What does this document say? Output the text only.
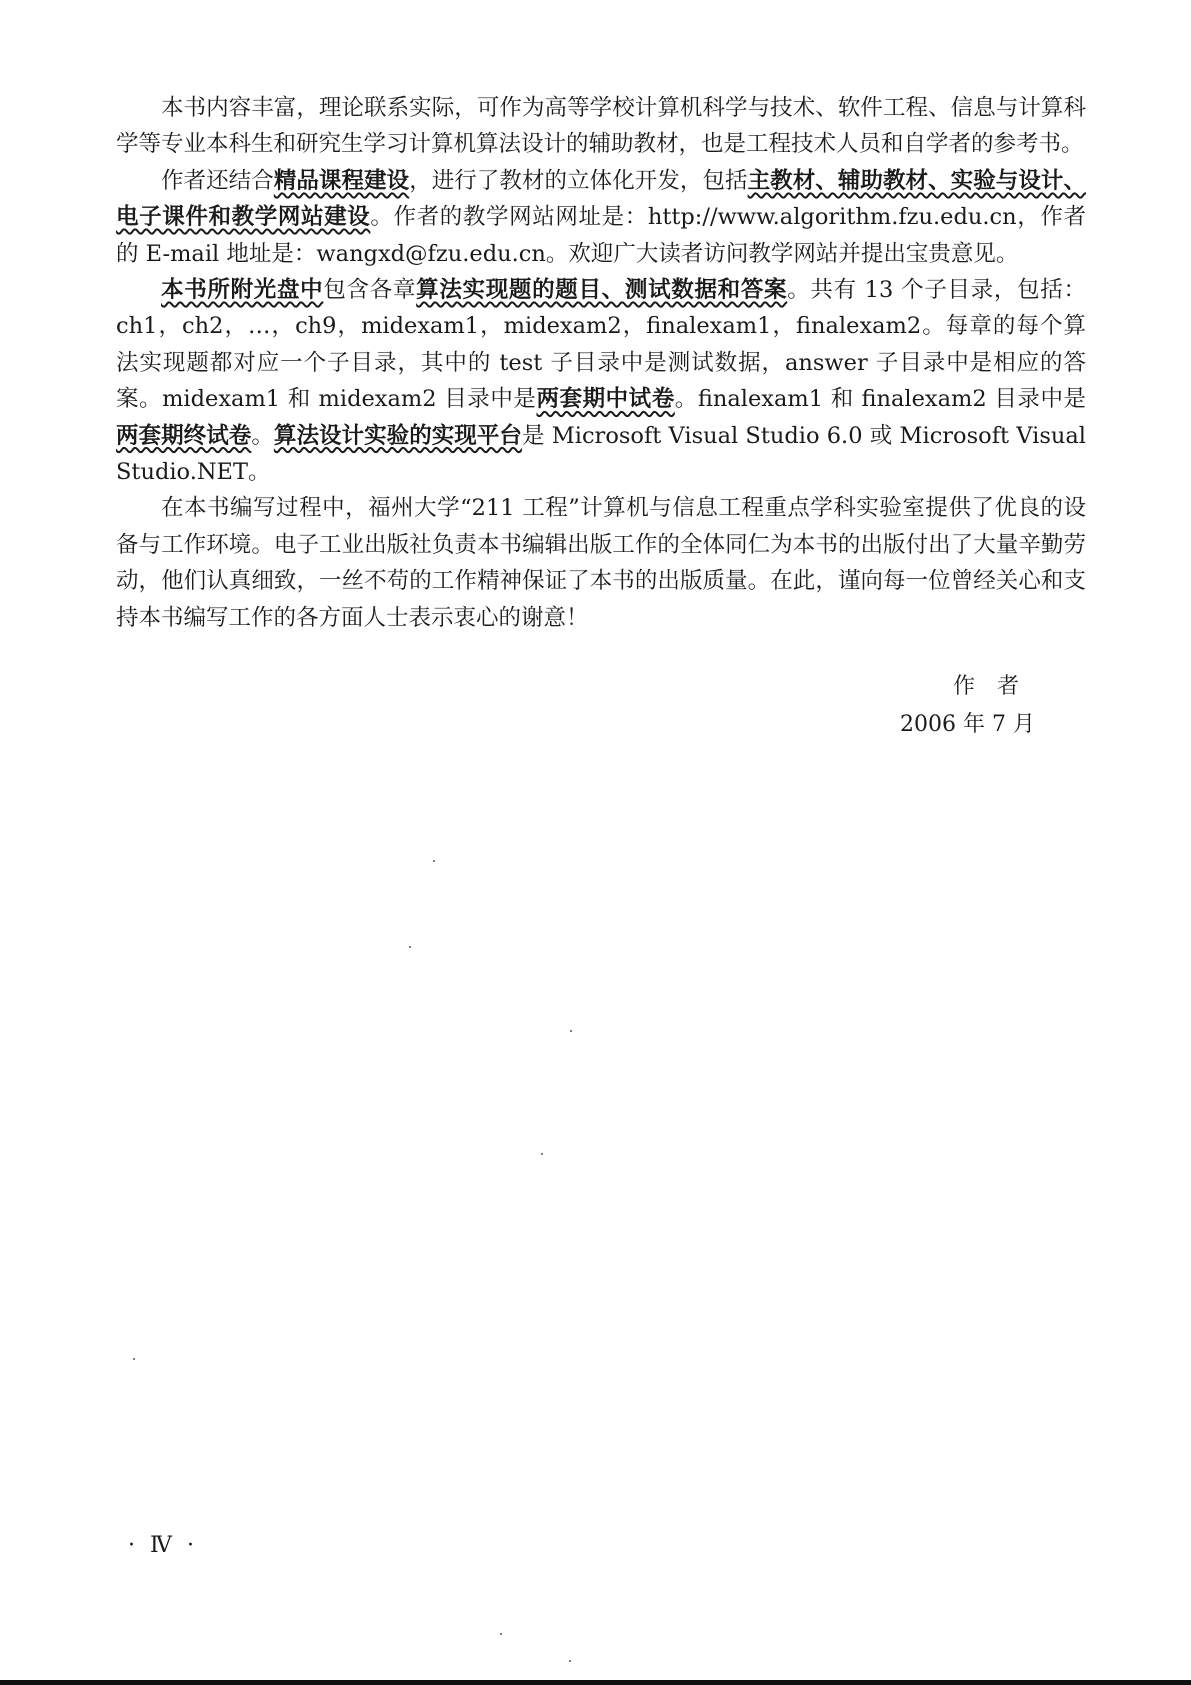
本书内容丰富，理论联系实际，可作为高等学校计算机科学与技术、软件工程、信息与计算科学等专业本科生和研究生学习计算机算法设计的辅助教材，也是工程技术人员和自学者的参考书。

作者还结合精品课程建设，进行了教材的立体化开发，包括主教材、辅助教材、实验与设计、电子课件和教学网站建设。作者的教学网站网址是：http://www.algorithm.fzu.edu.cn，作者的 E-mail 地址是：wangxd@fzu.edu.cn。欢迎广大读者访问教学网站并提出宝贵意见。

本书所附光盘中包含各章算法实现题的题目、测试数据和答案。共有 13 个子目录，包括：ch1，ch2，…，ch9，midexam1，midexam2，finalexam1，finalexam2。每章的每个算法实现题都对应一个子目录，其中的 test 子目录中是测试数据，answer 子目录中是相应的答案。midexam1 和 midexam2 目录中是两套期中试卷。finalexam1 和 finalexam2 目录中是两套期终试卷。算法设计实验的实现平台是 Microsoft Visual Studio 6.0 或 Microsoft Visual Studio.NET。

在本书编写过程中，福州大学“211 工程”计算机与信息工程重点学科实验室提供了优良的设备与工作环境。电子工业出版社负责本书编辑出版工作的全体同仁为本书的出版付出了大量辛勤劳动，他们认真细致，一丝不苟的工作精神保证了本书的出版质量。在此，谨向每一位曾经关心和支持本书编写工作的各方面人士表示衷心的谢意！

作者
2006 年 7 月
· Ⅳ ·
